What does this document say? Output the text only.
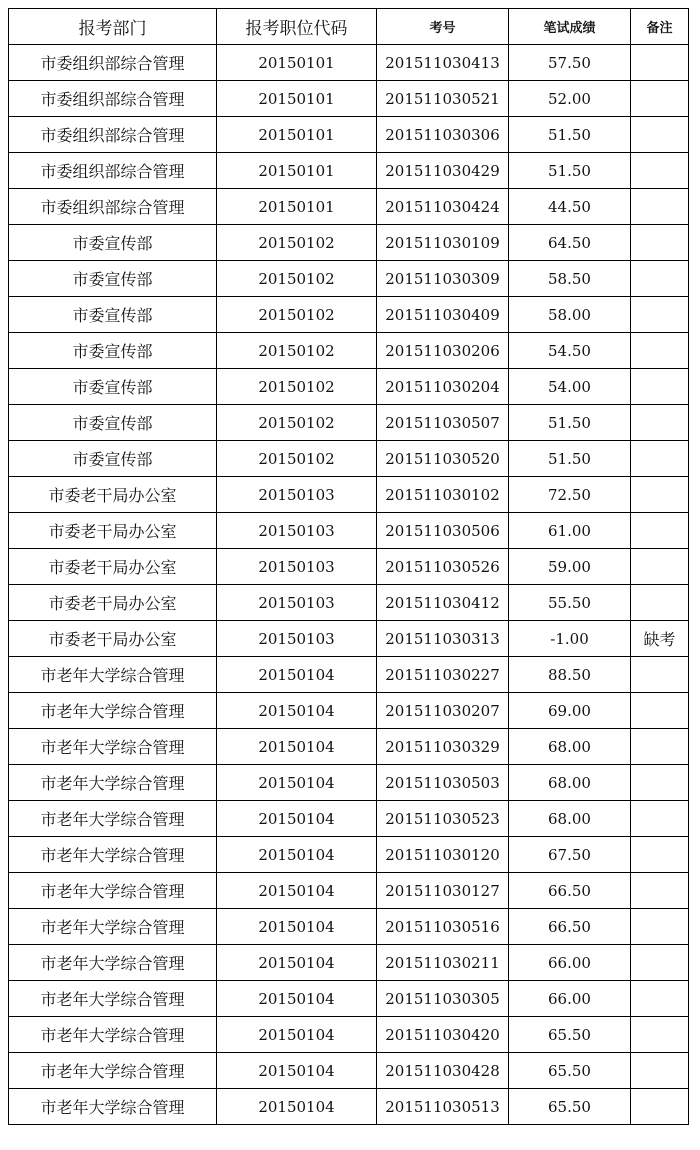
报考部门	报考职位代码	考号	笔试成绩	备注
市委组织部综合管理	20150101	201511030413	57.50	
市委组织部综合管理	20150101	201511030521	52.00	
市委组织部综合管理	20150101	201511030306	51.50	
市委组织部综合管理	20150101	201511030429	51.50	
市委组织部综合管理	20150101	201511030424	44.50	
市委宣传部	20150102	201511030109	64.50	
市委宣传部	20150102	201511030309	58.50	
市委宣传部	20150102	201511030409	58.00	
市委宣传部	20150102	201511030206	54.50	
市委宣传部	20150102	201511030204	54.00	
市委宣传部	20150102	201511030507	51.50	
市委宣传部	20150102	201511030520	51.50	
市委老干局办公室	20150103	201511030102	72.50	
市委老干局办公室	20150103	201511030506	61.00	
市委老干局办公室	20150103	201511030526	59.00	
市委老干局办公室	20150103	201511030412	55.50	
市委老干局办公室	20150103	201511030313	-1.00	缺考
市老年大学综合管理	20150104	201511030227	88.50	
市老年大学综合管理	20150104	201511030207	69.00	
市老年大学综合管理	20150104	201511030329	68.00	
市老年大学综合管理	20150104	201511030503	68.00	
市老年大学综合管理	20150104	201511030523	68.00	
市老年大学综合管理	20150104	201511030120	67.50	
市老年大学综合管理	20150104	201511030127	66.50	
市老年大学综合管理	20150104	201511030516	66.50	
市老年大学综合管理	20150104	201511030211	66.00	
市老年大学综合管理	20150104	201511030305	66.00	
市老年大学综合管理	20150104	201511030420	65.50	
市老年大学综合管理	20150104	201511030428	65.50	
市老年大学综合管理	20150104	201511030513	65.50	
